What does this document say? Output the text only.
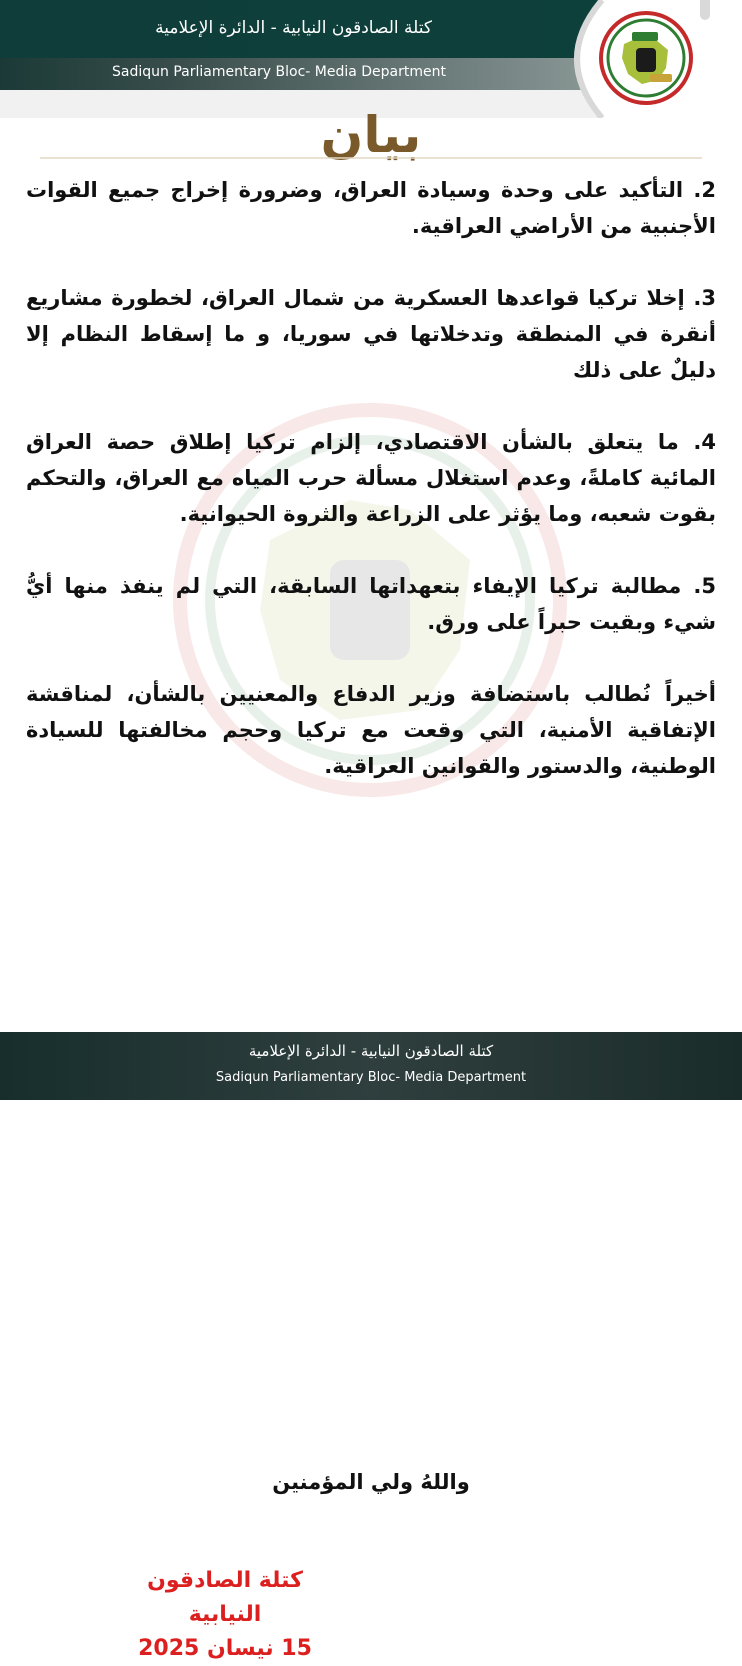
كتلة الصادقون النيابية - الدائرة الإعلامية
Sadiqun Parliamentary Bloc- Media Department
بيان

2. التأكيد على وحدة وسيادة العراق، وضرورة إخراج جميع القوات الأجنبية من الأراضي العراقية.

3. إخلا تركيا قواعدها العسكرية من شمال العراق، لخطورة مشاريع أنقرة في المنطقة وتدخلاتها في سوريا، و ما إسقاط النظام إلا دليلٌ على ذلك

4. ما يتعلق بالشأن الاقتصادي، إلزام تركيا إطلاق حصة العراق المائية كاملةً، وعدم استغلال مسألة حرب المياه مع العراق، والتحكم بقوت شعبه، وما يؤثر على الزراعة والثروة الحيوانية.

5. مطالبة تركيا الإيفاء بتعهداتها السابقة، التي لم ينفذ منها أيُّ شيء وبقيت حبراً على ورق.

أخيراً نُطالب باستضافة وزير الدفاع والمعنيين بالشأن، لمناقشة الإتفاقية الأمنية، التي وقعت مع تركيا وحجم مخالفتها للسيادة الوطنية، والدستور والقوانين العراقية.

واللهُ ولي المؤمنين
كتلة الصادقون النيابية
15 نيسان 2025
كتلة الصادقون النيابية - الدائرة الإعلامية
Sadiqun Parliamentary Bloc- Media Department
